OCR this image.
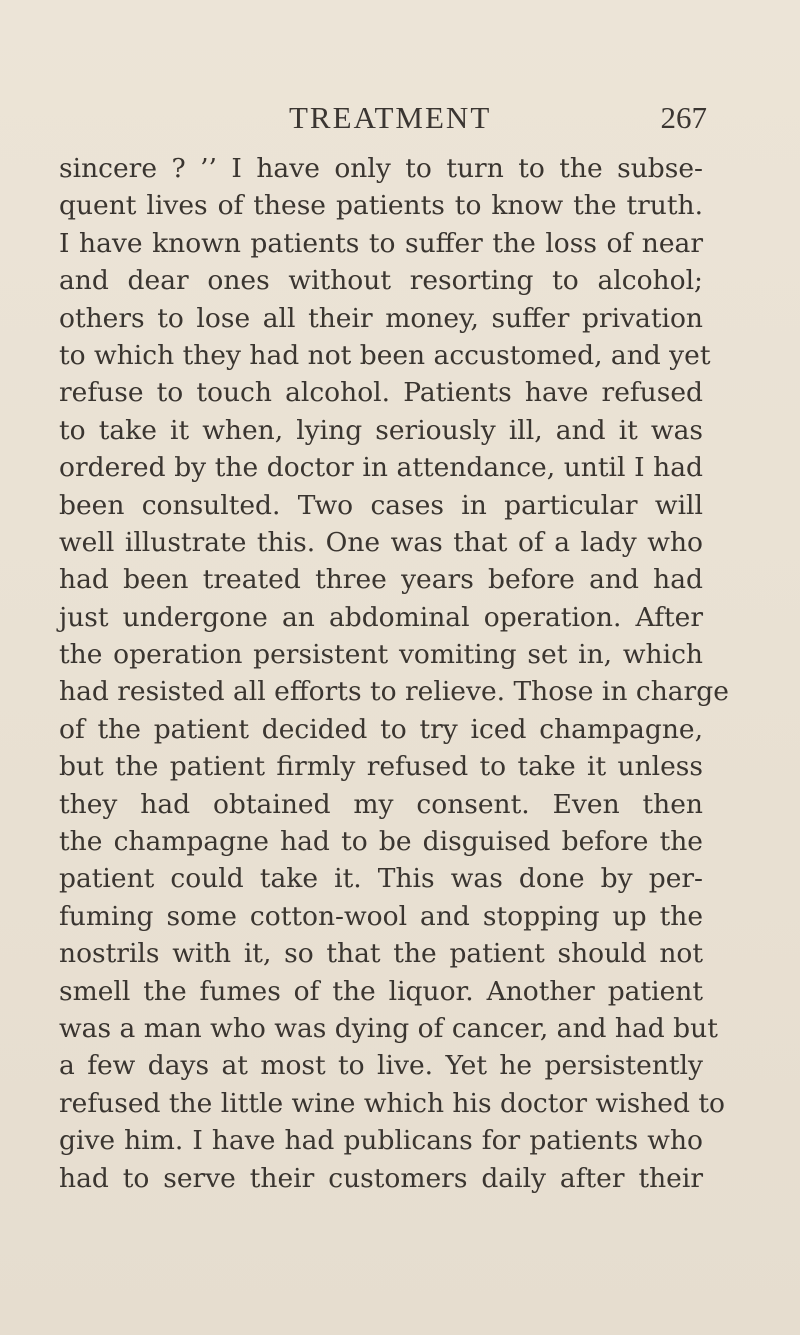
TREATMENT	267
sincere ? ’’ I have only to turn to the subse-
quent lives of these patients to know the truth.
I have known patients to suffer the loss of near
and dear ones without resorting to alcohol;
others to lose all their money, suffer privation
to which they had not been accustomed, and yet
refuse to touch alcohol. Patients have refused
to take it when, lying seriously ill, and it was
ordered by the doctor in attendance, until I had
been consulted. Two cases in particular will
well illustrate this. One was that of a lady who
had been treated three years before and had
just undergone an abdominal operation. After
the operation persistent vomiting set in, which
had resisted all efforts to relieve. Those in charge
of the patient decided to try iced champagne,
but the patient firmly refused to take it unless
they had obtained my consent. Even then
the champagne had to be disguised before the
patient could take it. This was done by per-
fuming some cotton-wool and stopping up the
nostrils with it, so that the patient should not
smell the fumes of the liquor. Another patient
was a man who was dying of cancer, and had but
a few days at most to live. Yet he persistently
refused the little wine which his doctor wished to
give him. I have had publicans for patients who
had to serve their customers daily after their
